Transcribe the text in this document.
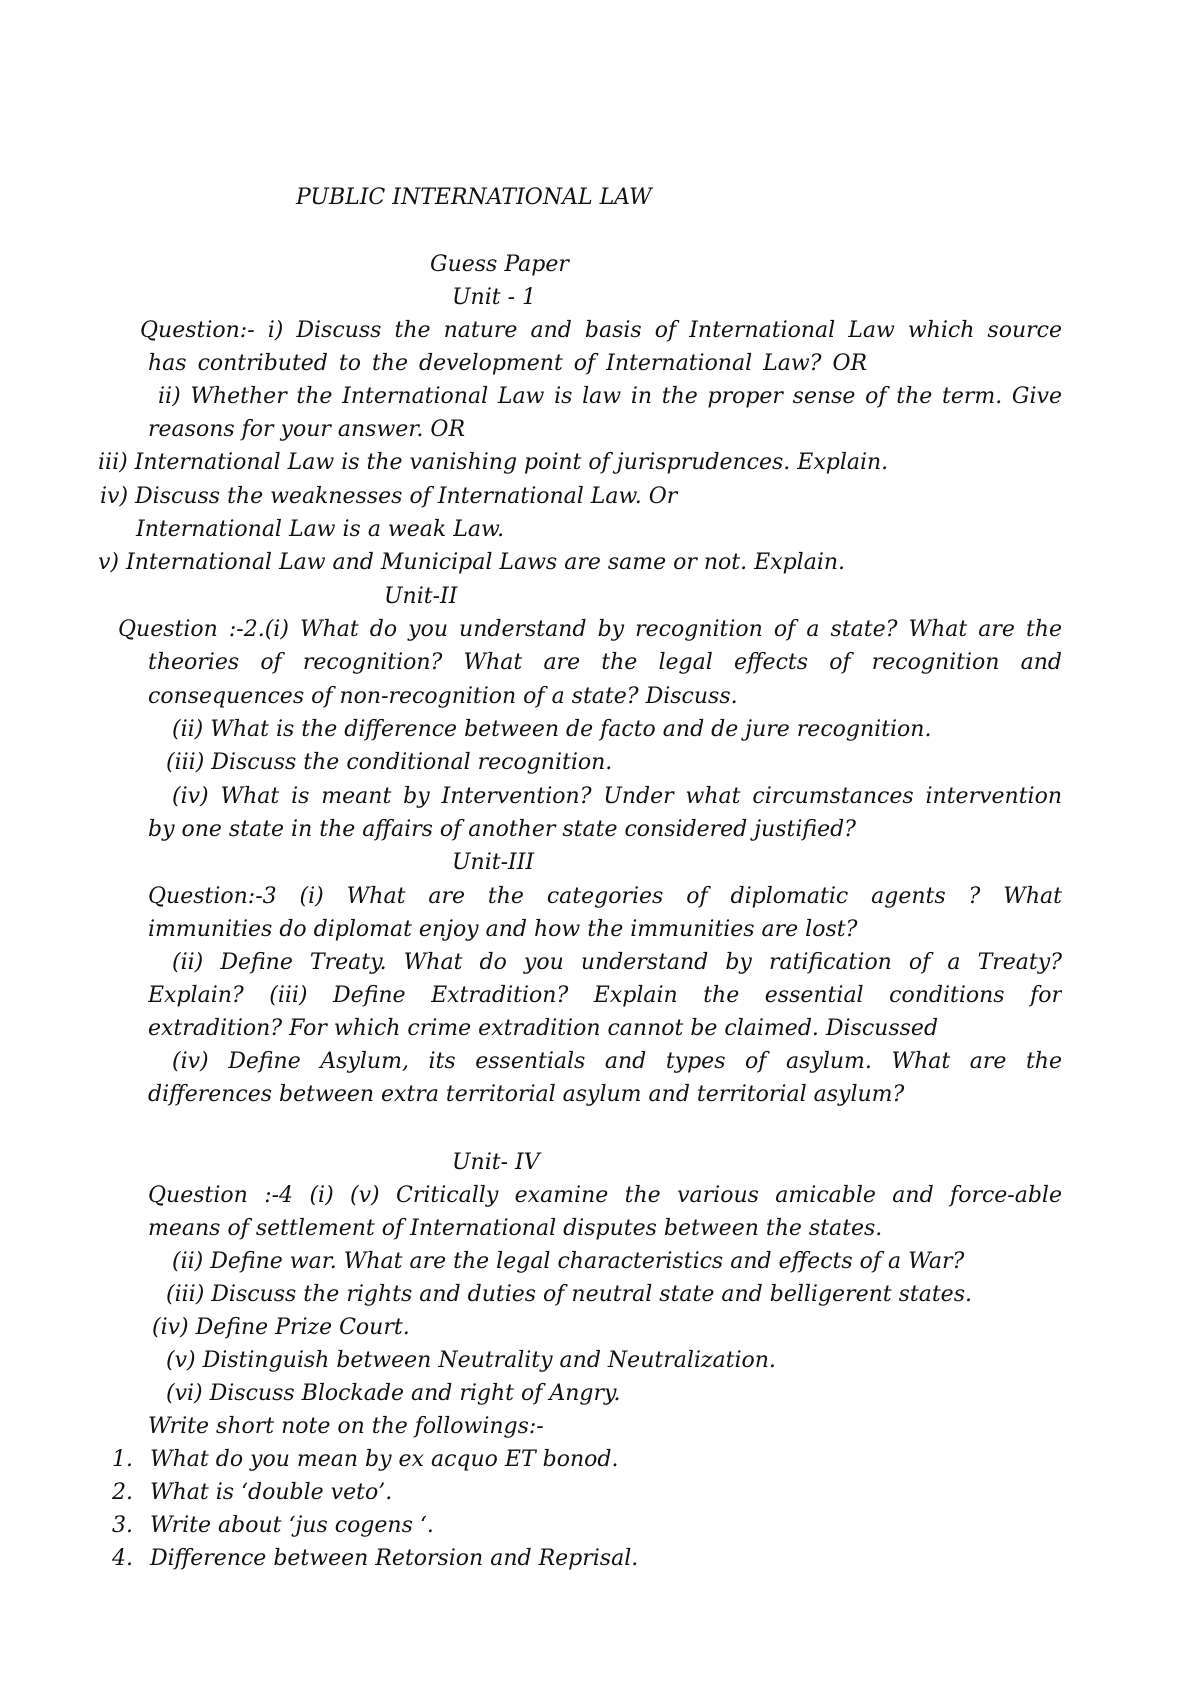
PUBLIC INTERNATIONAL LAW
Guess Paper
Unit - 1
Question:- i) Discuss the nature and basis of International Law which source
has contributed to the development of International Law? OR
ii) Whether the International Law is law in the proper sense of the term. Give
reasons for your answer. OR
iii) International Law is the vanishing point of jurisprudences. Explain.
iv) Discuss the weaknesses of International Law. Or
International Law is a weak Law.
v) International Law and Municipal Laws are same or not. Explain.
Unit-II
Question :-2.(i) What do you understand by recognition of a state? What are the
theories of recognition? What are the legal effects of recognition and
consequences of non-recognition of a state? Discuss.
(ii) What is the difference between de facto and de jure recognition.
(iii) Discuss the conditional recognition.
(iv) What is meant by Intervention? Under what circumstances intervention
by one state in the affairs of another state considered justified?
Unit-III
Question:-3 (i) What are the categories of diplomatic agents ? What
immunities do diplomat enjoy and how the immunities are lost?
(ii) Define Treaty. What do you understand by ratification of a Treaty?
Explain? (iii) Define Extradition? Explain the essential conditions for
extradition? For which crime extradition cannot be claimed. Discussed
(iv) Define Asylum, its essentials and types of asylum. What are the
differences between extra territorial asylum and territorial asylum?
Unit- IV
Question :-4 (i) (v) Critically examine the various amicable and force-able
means of settlement of International disputes between the states.
(ii) Define war. What are the legal characteristics and effects of a War?
(iii) Discuss the rights and duties of neutral state and belligerent states.
(iv) Define Prize Court.
(v) Distinguish between Neutrality and Neutralization.
(vi) Discuss Blockade and right of Angry.
Write short note on the followings:-
1. What do you mean by ex acquo ET bonod.
2. What is ‘double veto’.
3. Write about ‘jus cogens ‘.
4. Difference between Retorsion and Reprisal.
